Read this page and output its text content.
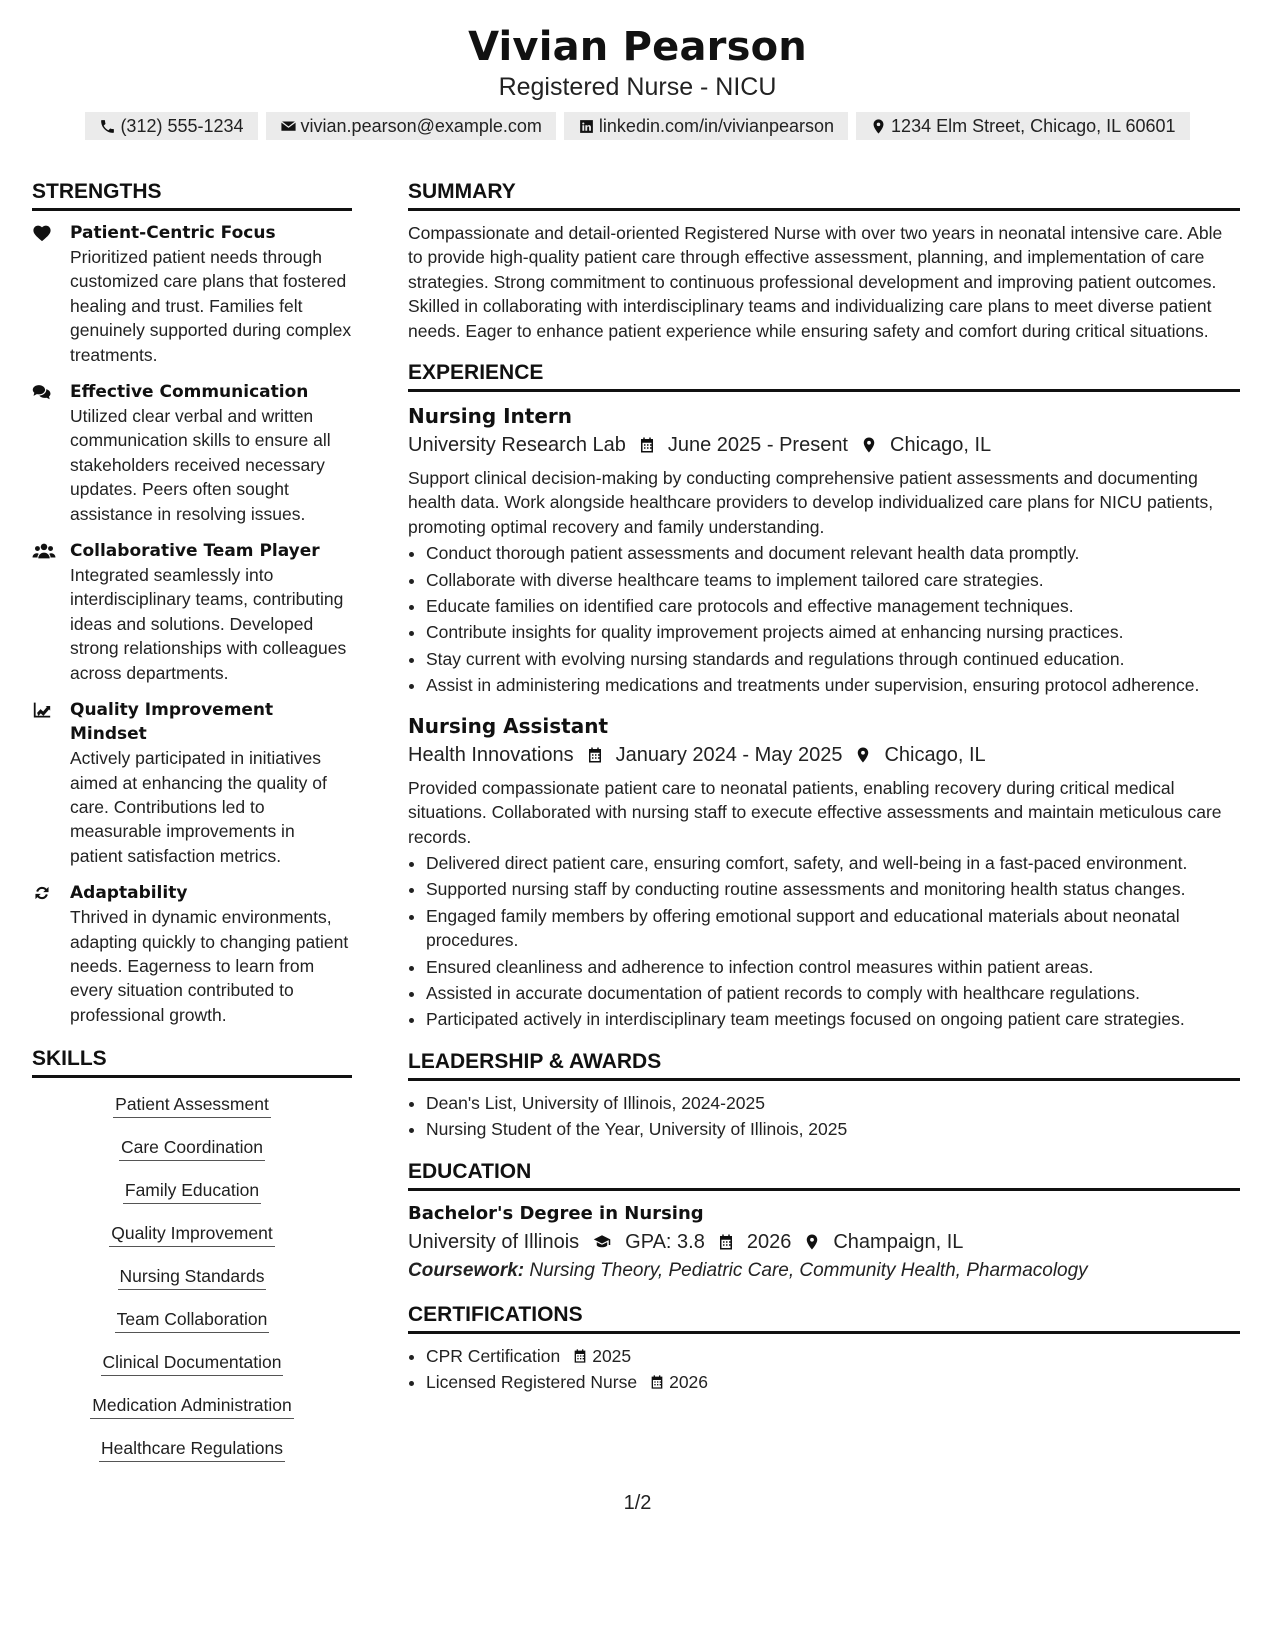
Vivian Pearson
Registered Nurse - NICU
(312) 555-1234	vivian.pearson@example.com	linkedin.com/in/vivianpearson	1234 Elm Street, Chicago, IL 60601
STRENGTHS
Patient-Centric Focus
Prioritized patient needs through customized care plans that fostered healing and trust. Families felt genuinely supported during complex treatments.
Effective Communication
Utilized clear verbal and written communication skills to ensure all stakeholders received necessary updates. Peers often sought assistance in resolving issues.
Collaborative Team Player
Integrated seamlessly into interdisciplinary teams, contributing ideas and solutions. Developed strong relationships with colleagues across departments.
Quality Improvement Mindset
Actively participated in initiatives aimed at enhancing the quality of care. Contributions led to measurable improvements in patient satisfaction metrics.
Adaptability
Thrived in dynamic environments, adapting quickly to changing patient needs. Eagerness to learn from every situation contributed to professional growth.
SKILLS
Patient Assessment
Care Coordination
Family Education
Quality Improvement
Nursing Standards
Team Collaboration
Clinical Documentation
Medication Administration
Healthcare Regulations
SUMMARY
Compassionate and detail-oriented Registered Nurse with over two years in neonatal intensive care. Able to provide high-quality patient care through effective assessment, planning, and implementation of care strategies. Strong commitment to continuous professional development and improving patient outcomes. Skilled in collaborating with interdisciplinary teams and individualizing care plans to meet diverse patient needs. Eager to enhance patient experience while ensuring safety and comfort during critical situations.
EXPERIENCE
Nursing Intern
University Research Lab June 2025 - Present Chicago, IL
Support clinical decision-making by conducting comprehensive patient assessments and documenting health data. Work alongside healthcare providers to develop individualized care plans for NICU patients, promoting optimal recovery and family understanding.
• Conduct thorough patient assessments and document relevant health data promptly.
• Collaborate with diverse healthcare teams to implement tailored care strategies.
• Educate families on identified care protocols and effective management techniques.
• Contribute insights for quality improvement projects aimed at enhancing nursing practices.
• Stay current with evolving nursing standards and regulations through continued education.
• Assist in administering medications and treatments under supervision, ensuring protocol adherence.
Nursing Assistant
Health Innovations January 2024 - May 2025 Chicago, IL
Provided compassionate patient care to neonatal patients, enabling recovery during critical medical situations. Collaborated with nursing staff to execute effective assessments and maintain meticulous care records.
• Delivered direct patient care, ensuring comfort, safety, and well-being in a fast-paced environment.
• Supported nursing staff by conducting routine assessments and monitoring health status changes.
• Engaged family members by offering emotional support and educational materials about neonatal procedures.
• Ensured cleanliness and adherence to infection control measures within patient areas.
• Assisted in accurate documentation of patient records to comply with healthcare regulations.
• Participated actively in interdisciplinary team meetings focused on ongoing patient care strategies.
LEADERSHIP & AWARDS
• Dean's List, University of Illinois, 2024-2025
• Nursing Student of the Year, University of Illinois, 2025
EDUCATION
Bachelor's Degree in Nursing
University of Illinois GPA: 3.8 2026 Champaign, IL
Coursework: Nursing Theory, Pediatric Care, Community Health, Pharmacology
CERTIFICATIONS
• CPR Certification 2025
• Licensed Registered Nurse 2026
1/2
